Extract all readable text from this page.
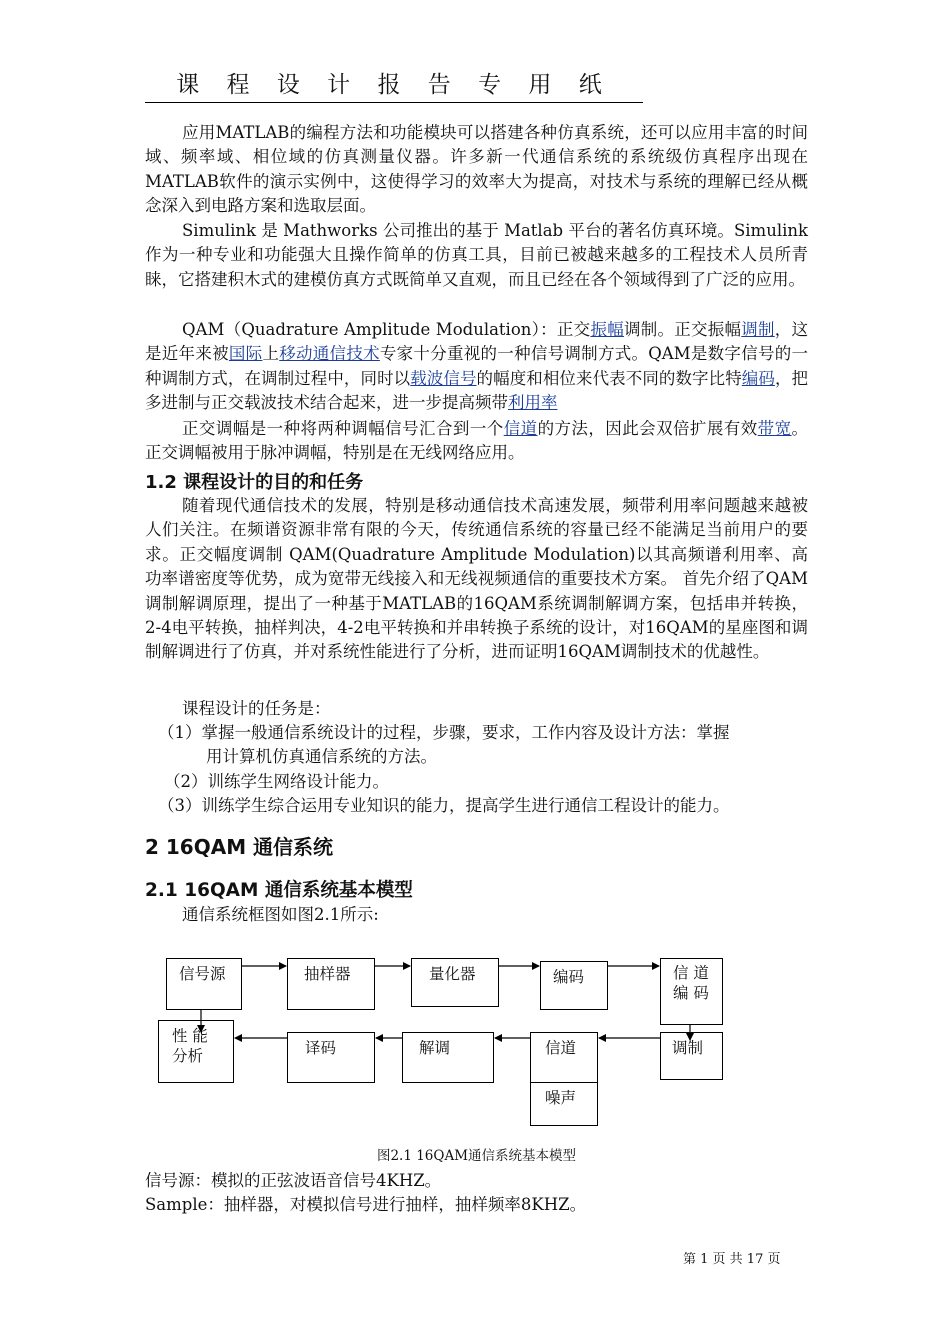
课 程 设 计 报 告 专 用 纸

应用MATLAB的编程方法和功能模块可以搭建各种仿真系统，还可以应用丰富的时间域、频率域、相位域的仿真测量仪器。许多新一代通信系统的系统级仿真程序出现在MATLAB软件的演示实例中，这使得学习的效率大为提高，对技术与系统的理解已经从概念深入到电路方案和选取层面。

Simulink 是 Mathworks 公司推出的基于 Matlab 平台的著名仿真环境。Simulink作为一种专业和功能强大且操作简单的仿真工具，目前已被越来越多的工程技术人员所青睐，它搭建积木式的建模仿真方式既简单又直观，而且已经在各个领域得到了广泛的应用。

QAM（Quadrature Amplitude Modulation）：正交振幅调制。正交振幅调制，这是近年来被国际上移动通信技术专家十分重视的一种信号调制方式。QAM是数字信号的一种调制方式，在调制过程中，同时以载波信号的幅度和相位来代表不同的数字比特编码，把多进制与正交载波技术结合起来，进一步提高频带利用率

正交调幅是一种将两种调幅信号汇合到一个信道的方法，因此会双倍扩展有效带宽。正交调幅被用于脉冲调幅，特别是在无线网络应用。

1.2 课程设计的目的和任务

随着现代通信技术的发展，特别是移动通信技术高速发展，频带利用率问题越来越被人们关注。在频谱资源非常有限的今天，传统通信系统的容量已经不能满足当前用户的要求。正交幅度调制 QAM(Quadrature Amplitude Modulation)以其高频谱利用率、高功率谱密度等优势，成为宽带无线接入和无线视频通信的重要技术方案。 首先介绍了QAM调制解调原理，提出了一种基于MATLAB的16QAM系统调制解调方案，包括串并转换，2-4电平转换，抽样判决，4-2电平转换和并串转换子系统的设计，对16QAM的星座图和调制解调进行了仿真，并对系统性能进行了分析，进而证明16QAM调制技术的优越性。

课程设计的任务是：

（1）掌握一般通信系统设计的过程，步骤，要求，工作内容及设计方法：掌握

用计算机仿真通信系统的方法。

（2）训练学生网络设计能力。

（3）训练学生综合运用专业知识的能力，提高学生进行通信工程设计的能力。

2 16QAM 通信系统
2.1 16QAM 通信系统基本模型

通信系统框图如图2.1所示:

信号源	抽样器	量化器	编码	信 道
编 码
性 能
分析	译码	解调	信道	调制
噪声
图2.1 16QAM通信系统基本模型
信号源：模拟的正弦波语音信号4KHZ。
Sample：抽样器，对模拟信号进行抽样，抽样频率8KHZ。
第 1 页 共 17 页
